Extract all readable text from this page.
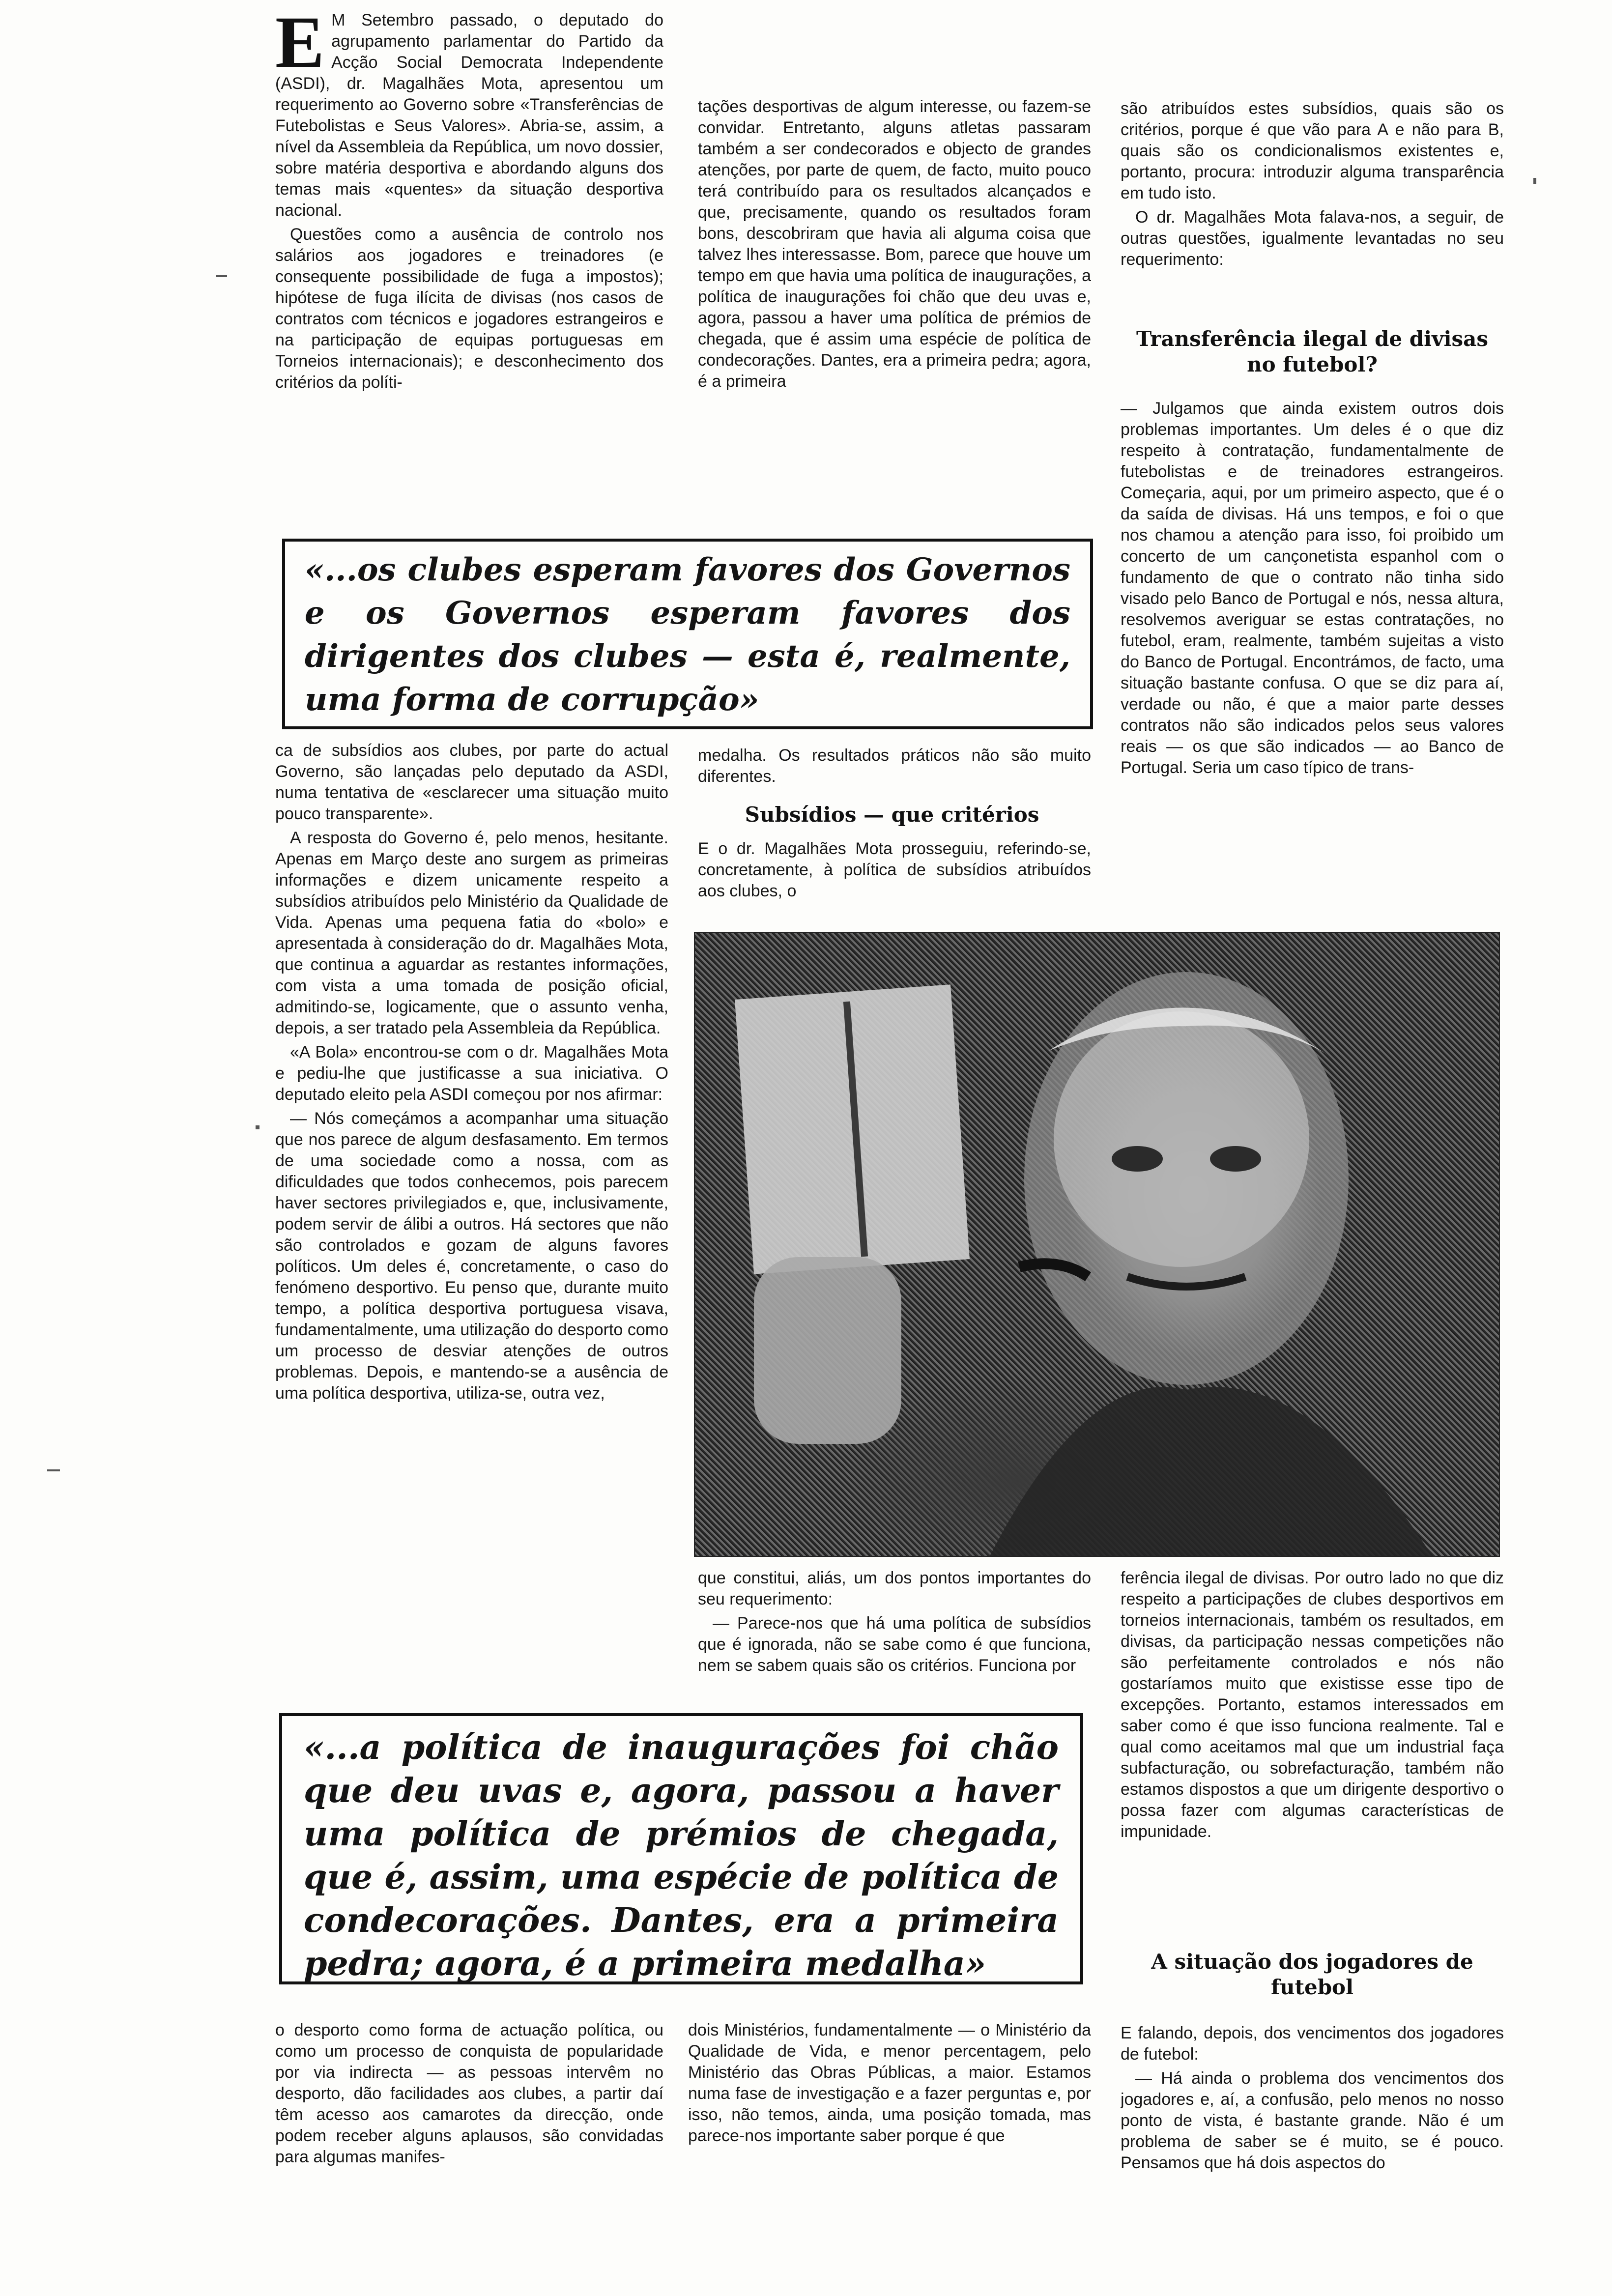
E M Setembro passado, o deputado do agrupamento parlamentar do Partido da Acção Social Democrata Independente (ASDI), dr. Magalhães Mota, apresentou um requerimento ao Governo sobre «Transferências de Futebolistas e Seus Valores». Abria-se, assim, a nível da Assembleia da República, um novo dossier, sobre matéria desportiva e abordando alguns dos temas mais «quentes» da situação desportiva nacional.

Questões como a ausência de controlo nos salários aos jogadores e treinadores (e consequente possibilidade de fuga a impostos); hipótese de fuga ilícita de divisas (nos casos de contratos com técnicos e jogadores estrangeiros e na participação de equipas portuguesas em Torneios internacionais); e desconhecimento dos critérios da políti-

tações desportivas de algum interesse, ou fazem-se convidar. Entretanto, alguns atletas passaram também a ser condecorados e objecto de grandes atenções, por parte de quem, de facto, muito pouco terá contribuído para os resultados alcançados e que, precisamente, quando os resultados foram bons, descobriram que havia ali alguma coisa que talvez lhes interessasse. Bom, parece que houve um tempo em que havia uma política de inaugurações, a política de inaugurações foi chão que deu uvas e, agora, passou a haver uma política de prémios de chegada, que é assim uma espécie de política de condecorações. Dantes, era a primeira pedra; agora, é a primeira

são atribuídos estes subsídios, quais são os critérios, porque é que vão para A e não para B, quais são os condicionalismos existentes e, portanto, procura: introduzir alguma transparência em tudo isto.

O dr. Magalhães Mota falava-nos, a seguir, de outras questões, igualmente levantadas no seu requerimento:

Transferência ilegal de divisas no futebol?

— Julgamos que ainda existem outros dois problemas importantes. Um deles é o que diz respeito à contratação, fundamentalmente de futebolistas e de treinadores estrangeiros. Começaria, aqui, por um primeiro aspecto, que é o da saída de divisas. Há uns tempos, e foi o que nos chamou a atenção para isso, foi proibido um concerto de um cançonetista espanhol com o fundamento de que o contrato não tinha sido visado pelo Banco de Portugal e nós, nessa altura, resolvemos averiguar se estas contratações, no futebol, eram, realmente, também sujeitas a visto do Banco de Portugal. Encontrámos, de facto, uma situação bastante confusa. O que se diz para aí, verdade ou não, é que a maior parte desses contratos não são indicados pelos seus valores reais — os que são indicados — ao Banco de Portugal. Seria um caso típico de trans-

«...os clubes esperam favores dos Governos e os Governos esperam favores dos dirigentes dos clubes — esta é, realmente, uma forma de corrupção»

ca de subsídios aos clubes, por parte do actual Governo, são lançadas pelo deputado da ASDI, numa tentativa de «esclarecer uma situação muito pouco transparente».

A resposta do Governo é, pelo menos, hesitante. Apenas em Março deste ano surgem as primeiras informações e dizem unicamente respeito a subsídios atribuídos pelo Ministério da Qualidade de Vida. Apenas uma pequena fatia do «bolo» e apresentada à consideração do dr. Magalhães Mota, que continua a aguardar as restantes informações, com vista a uma tomada de posição oficial, admitindo-se, logicamente, que o assunto venha, depois, a ser tratado pela Assembleia da República.

«A Bola» encontrou-se com o dr. Magalhães Mota e pediu-lhe que justificasse a sua iniciativa. O deputado eleito pela ASDI começou por nos afirmar:

— Nós começámos a acompanhar uma situação que nos parece de algum desfasamento. Em termos de uma sociedade como a nossa, com as dificuldades que todos conhecemos, pois parecem haver sectores privilegiados e, que, inclusivamente, podem servir de álibi a outros. Há sectores que não são controlados e gozam de alguns favores políticos. Um deles é, concretamente, o caso do fenómeno desportivo. Eu penso que, durante muito tempo, a política desportiva portuguesa visava, fundamentalmente, uma utilização do desporto como um processo de desviar atenções de outros problemas. Depois, e mantendo-se a ausência de uma política desportiva, utiliza-se, outra vez,

medalha. Os resultados práticos não são muito diferentes.

Subsídios — que critérios

E o dr. Magalhães Mota prosseguiu, referindo-se, concretamente, à política de subsídios atribuídos aos clubes, o

que constitui, aliás, um dos pontos importantes do seu requerimento:

— Parece-nos que há uma política de subsídios que é ignorada, não se sabe como é que funciona, nem se sabem quais são os critérios. Funciona por

ferência ilegal de divisas. Por outro lado no que diz respeito a participações de clubes desportivos em torneios internacionais, também os resultados, em divisas, da participação nessas competições não são perfeitamente controlados e nós não gostaríamos muito que existisse esse tipo de excepções. Portanto, estamos interessados em saber como é que isso funciona realmente. Tal e qual como aceitamos mal que um industrial faça subfacturação, ou sobrefacturação, também não estamos dispostos a que um dirigente desportivo o possa fazer com algumas características de impunidade.

«...a política de inaugurações foi chão que deu uvas e, agora, passou a haver uma política de prémios de chegada, que é, assim, uma espécie de política de condecorações. Dantes, era a primeira pedra; agora, é a primeira medalha»	A situação dos jogadores de futebol

E falando, depois, dos vencimentos dos jogadores de futebol:

— Há ainda o problema dos vencimentos dos jogadores e, aí, a confusão, pelo menos no nosso ponto de vista, é bastante grande. Não é um problema de saber se é muito, se é pouco. Pensamos que há dois aspectos do

o desporto como forma de actuação política, ou como um processo de conquista de popularidade por via indirecta — as pessoas intervêm no desporto, dão facilidades aos clubes, a partir daí têm acesso aos camarotes da direcção, onde podem receber alguns aplausos, são convidadas para algumas manifes-

dois Ministérios, fundamentalmente — o Ministério da Qualidade de Vida, e menor percentagem, pelo Ministério das Obras Públicas, a maior. Estamos numa fase de investigação e a fazer perguntas e, por isso, não temos, ainda, uma posição tomada, mas parece-nos importante saber porque é que
